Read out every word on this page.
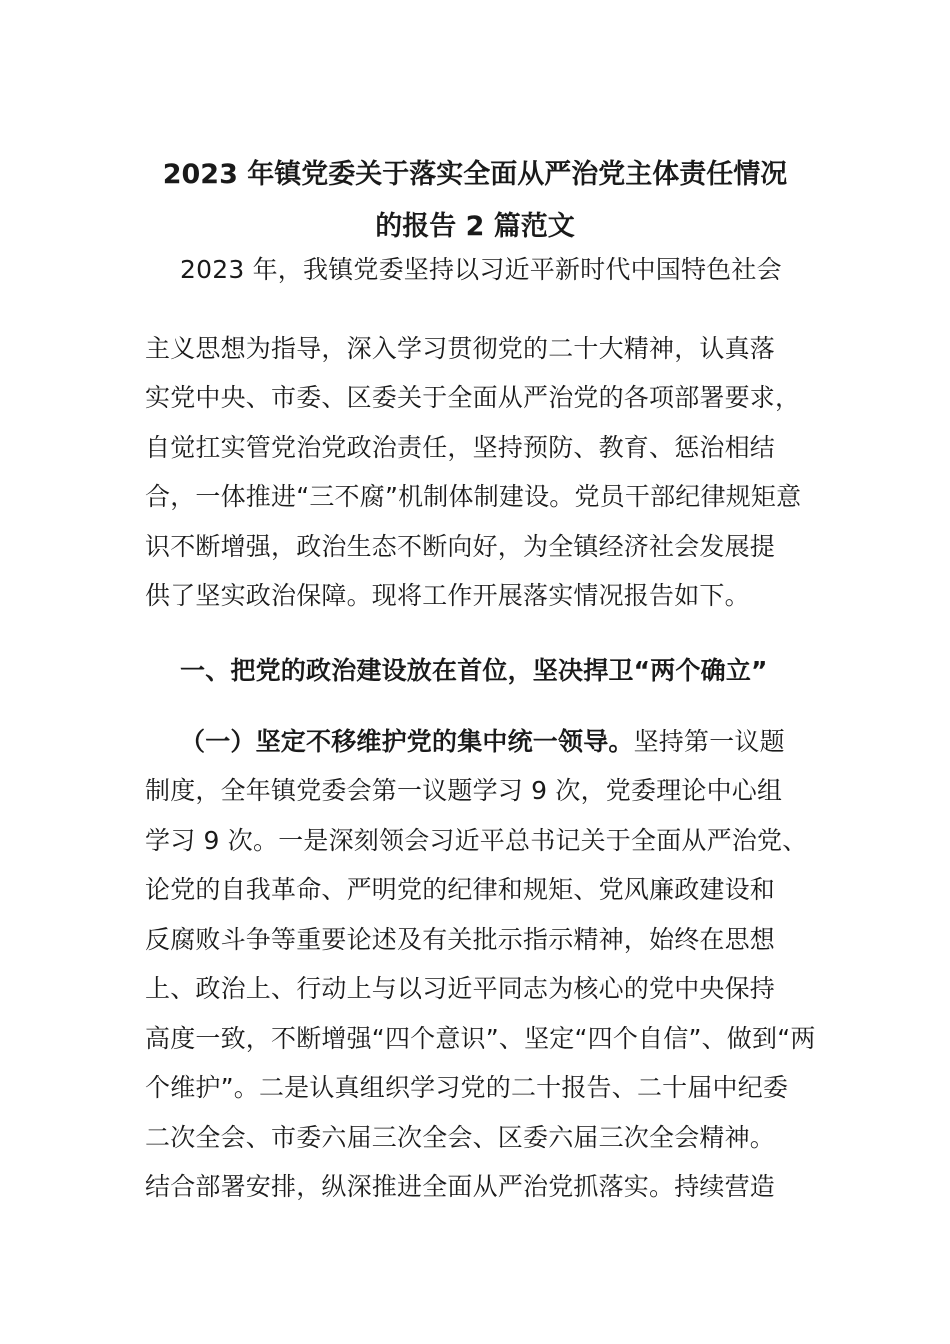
2023 年镇党委关于落实全面从严治党主体责任情况
的报告 2 篇范文
2023 年，我镇党委坚持以习近平新时代中国特色社会
主义思想为指导，深入学习贯彻党的二十大精神，认真落
实党中央、市委、区委关于全面从严治党的各项部署要求，
自觉扛实管党治党政治责任，坚持预防、教育、惩治相结
合，一体推进“三不腐”机制体制建设。党员干部纪律规矩意
识不断增强，政治生态不断向好，为全镇经济社会发展提
供了坚实政治保障。现将工作开展落实情况报告如下。
一、把党的政治建设放在首位，坚决捍卫“两个确立”
（一）坚定不移维护党的集中统一领导。坚持第一议题
制度，全年镇党委会第一议题学习 9 次，党委理论中心组
学习 9 次。一是深刻领会习近平总书记关于全面从严治党、
论党的自我革命、严明党的纪律和规矩、党风廉政建设和
反腐败斗争等重要论述及有关批示指示精神，始终在思想
上、政治上、行动上与以习近平同志为核心的党中央保持
高度一致，不断增强“四个意识”、坚定“四个自信”、做到“两
个维护”。二是认真组织学习党的二十报告、二十届中纪委
二次全会、市委六届三次全会、区委六届三次全会精神。
结合部署安排，纵深推进全面从严治党抓落实。持续营造
